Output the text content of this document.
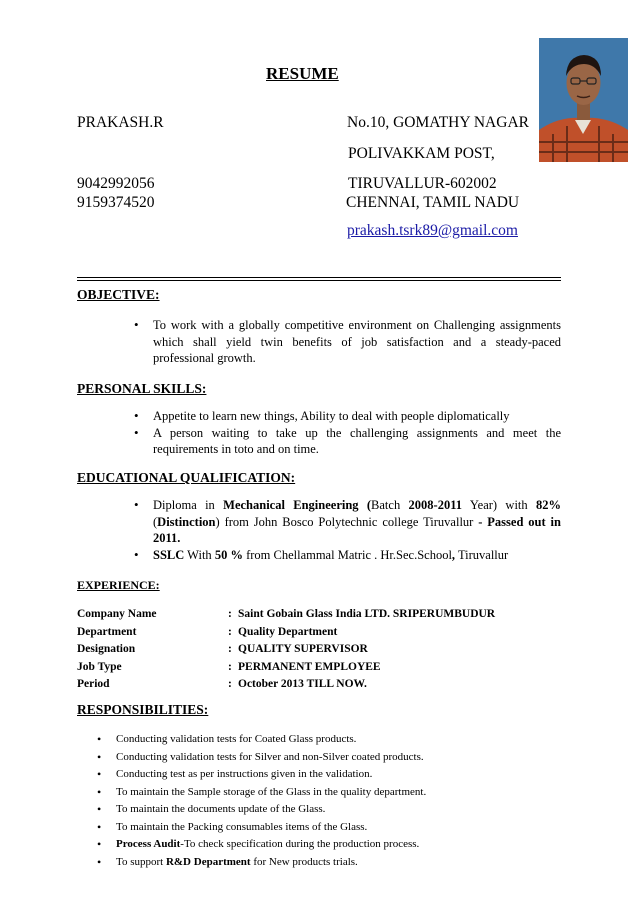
RESUME
PRAKASH.R
9042992056
9159374520
No.10, GOMATHY NAGAR
POLIVAKKAM POST,
TIRUVALLUR-602002
CHENNAI, TAMIL NADU
prakash.tsrk89@gmail.com
OBJECTIVE:
• To work with a globally competitive environment on Challenging assignments which shall yield twin benefits of job satisfaction and a steady-paced professional growth.
PERSONAL SKILLS:
• Appetite to learn new things, Ability to deal with people diplomatically
• A person waiting to take up the challenging assignments and meet the requirements in toto and on time.
EDUCATIONAL QUALIFICATION:
• Diploma in Mechanical Engineering (Batch 2008-2011 Year) with 82% (Distinction) from John Bosco Polytechnic college Tiruvallur - Passed out in 2011.
• SSLC With 50 % from Chellammal Matric . Hr.Sec.School, Tiruvallur
EXPERIENCE:
Company Name	: Saint Gobain Glass India LTD. SRIPERUMBUDUR
Department	: Quality Department
Designation	: QUALITY SUPERVISOR
Job Type	: PERMANENT EMPLOYEE
Period	: October 2013 TILL NOW.
RESPONSIBILITIES:
• Conducting validation tests for Coated Glass products.
• Conducting validation tests for Silver and non-Silver coated products.
• Conducting test as per instructions given in the validation.
• To maintain the Sample storage of the Glass in the quality department.
• To maintain the documents update of the Glass.
• To maintain the Packing consumables items of the Glass.
• Process Audit-To check specification during the production process.
• To support R&D Department for New products trials.
